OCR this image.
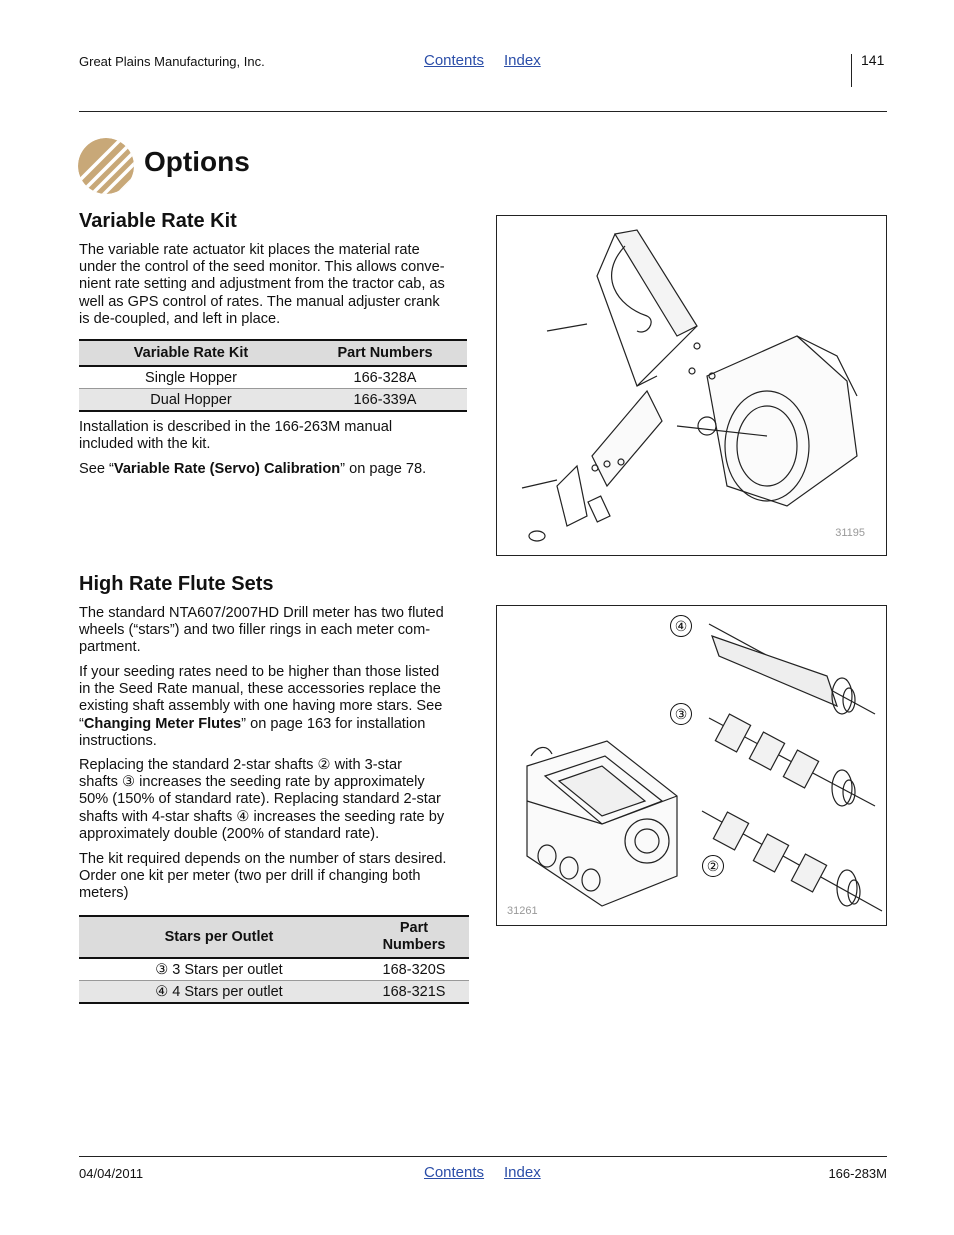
Great Plains Manufacturing, Inc.	Contents Index	141
Options
Variable Rate Kit

The variable rate actuator kit places the material rate

under the control of the seed monitor. This allows conve-

nient rate setting and adjustment from the tractor cab, as

well as GPS control of rates. The manual adjuster crank

is de-coupled, and left in place.

Variable Rate Kit	Part Numbers
Single Hopper	166-328A
Dual Hopper	166-339A

Installation is described in the 166-263M manual

included with the kit.

See “Variable Rate (Servo) Calibration” on page 78.

31195
High Rate Flute Sets

The standard NTA607/2007HD Drill meter has two fluted

wheels (“stars”) and two filler rings in each meter com-

partment.

If your seeding rates need to be higher than those listed

in the Seed Rate manual, these accessories replace the

existing shaft assembly with one having more stars. See

“Changing Meter Flutes” on page 163 for installation

instructions.

Replacing the standard 2-star shafts ② with 3-star

shafts ③ increases the seeding rate by approximately

50% (150% of standard rate). Replacing standard 2-star

shafts with 4-star shafts ④ increases the seeding rate by

approximately double (200% of standard rate).

The kit required depends on the number of stars desired.

Order one kit per meter (two per drill if changing both

meters)

Stars per Outlet	Part
Numbers
③ 3 Stars per outlet	168-320S
④ 4 Stars per outlet	168-321S
④
③
②
31261
04/04/2011	Contents Index	166-283M
